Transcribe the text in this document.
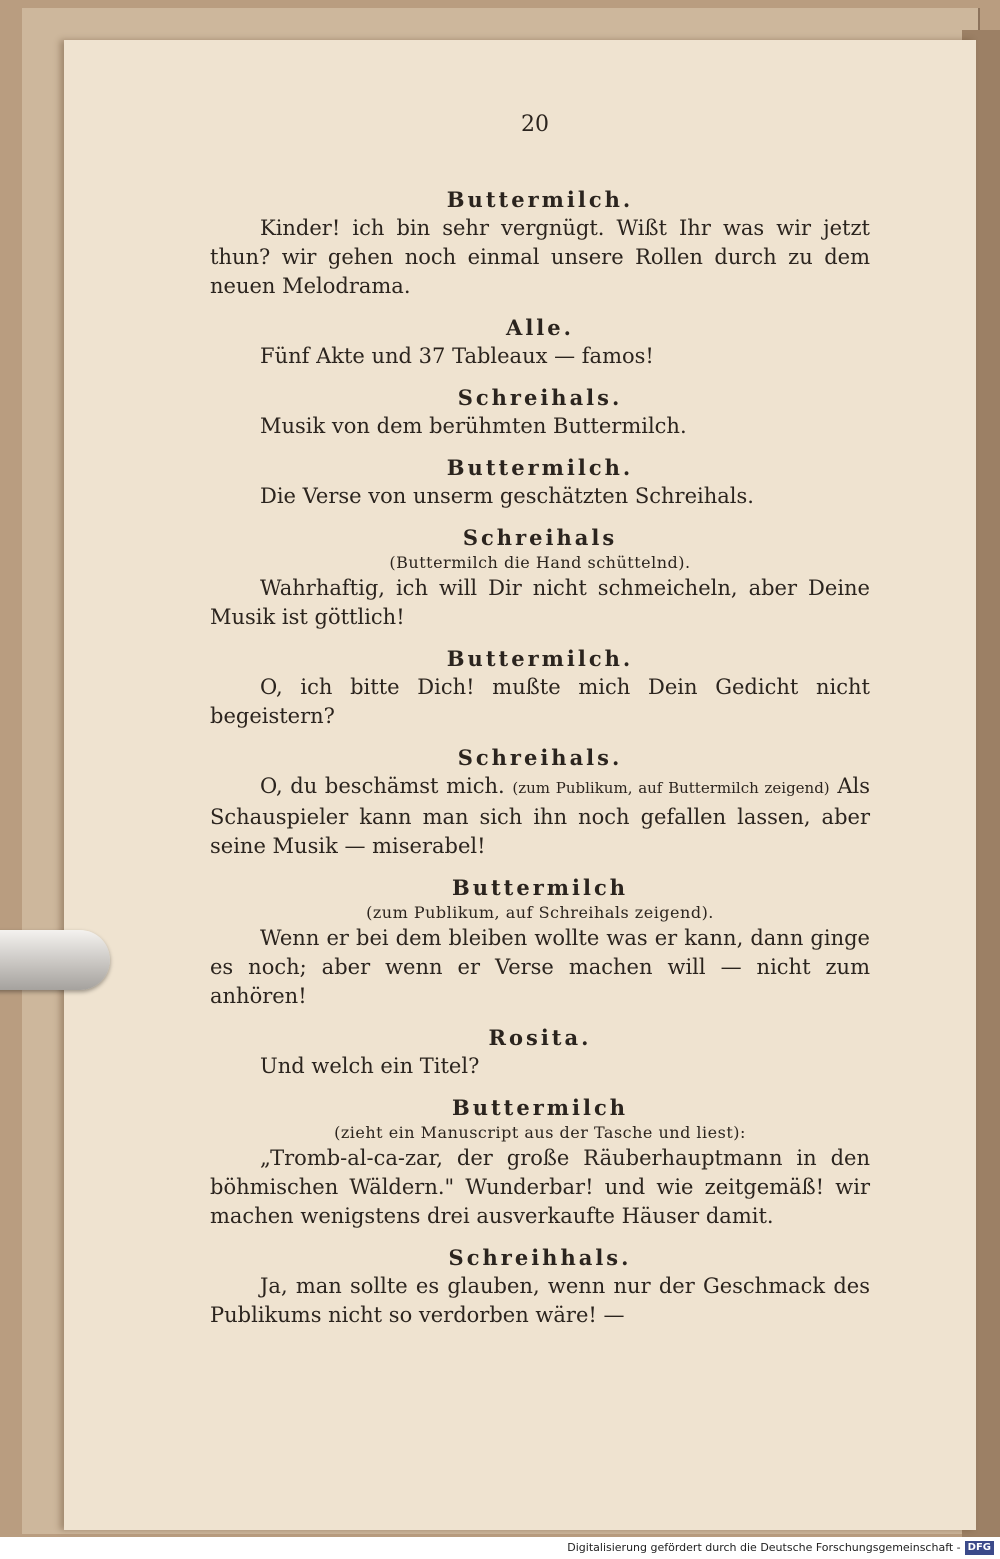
20
Buttermilch.
Kinder! ich bin sehr vergnügt. Wißt Ihr was wir jetzt thun? wir gehen noch einmal unsere Rollen durch zu dem neuen Melodrama.
Alle.
Fünf Akte und 37 Tableaux — famos!
Schreihals.
Musik von dem berühmten Buttermilch.
Buttermilch.
Die Verse von unserm geschätzten Schreihals.
Schreihals
(Buttermilch die Hand schüttelnd).
Wahrhaftig, ich will Dir nicht schmeicheln, aber Deine Musik ist göttlich!
Buttermilch.
O, ich bitte Dich! mußte mich Dein Gedicht nicht begeistern?
Schreihals.
O, du beschämst mich. (zum Publikum, auf Buttermilch zeigend) Als Schauspieler kann man sich ihn noch gefallen lassen, aber seine Musik — miserabel!
Buttermilch
(zum Publikum, auf Schreihals zeigend).
Wenn er bei dem bleiben wollte was er kann, dann ginge es noch; aber wenn er Verse machen will — nicht zum anhören!
Rosita.
Und welch ein Titel?
Buttermilch
(zieht ein Manuscript aus der Tasche und liest):
„Tromb-al-ca-zar, der große Räuberhauptmann in den böhmischen Wäldern." Wunderbar! und wie zeitgemäß! wir machen wenigstens drei ausverkaufte Häuser damit.
Schreihhals.
Ja, man sollte es glauben, wenn nur der Geschmack des Publikums nicht so verdorben wäre! —
Digitalisierung gefördert durch die Deutsche Forschungsgemeinschaft - DFG
